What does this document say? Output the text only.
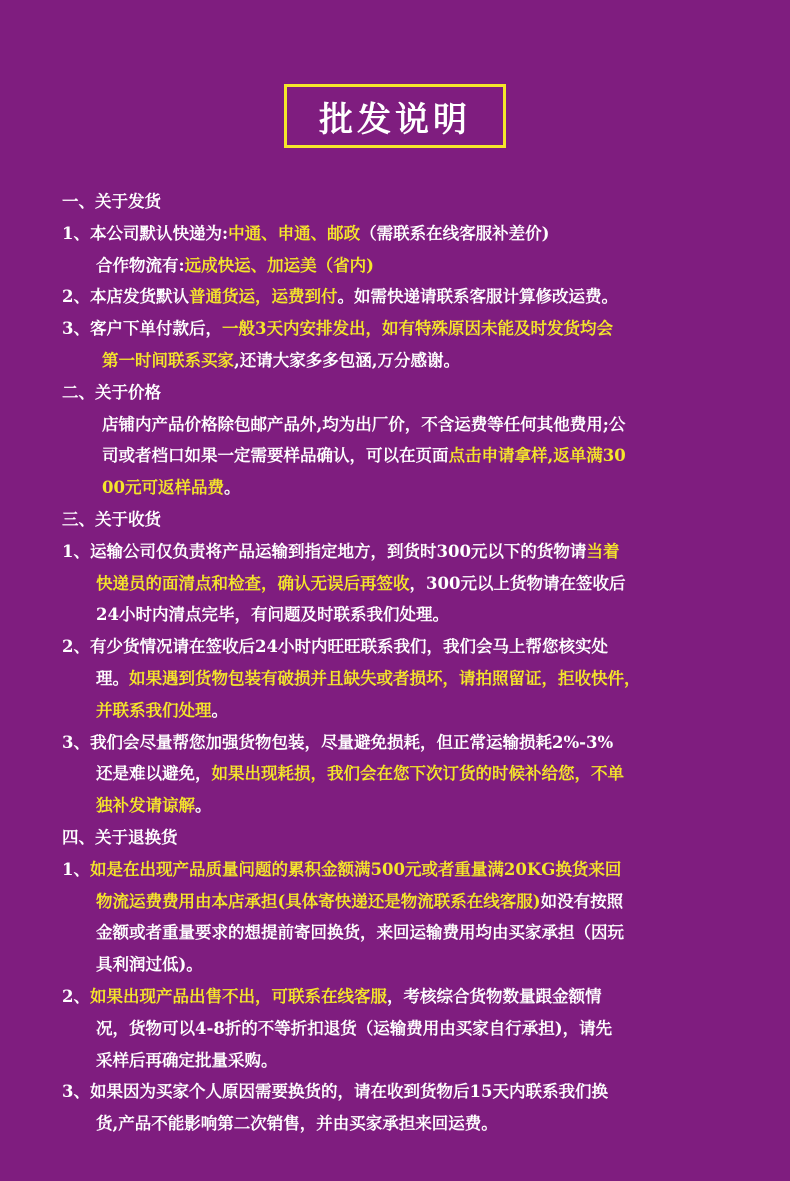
批发说明
一、关于发货
1、本公司默认快递为:中通、申通、邮政（需联系在线客服补差价)
合作物流有:远成快运、加运美（省内)
2、本店发货默认普通货运，运费到付。如需快递请联系客服计算修改运费。
3、客户下单付款后，一般3天内安排发出，如有特殊原因未能及时发货均会
第一时间联系买家,还请大家多多包涵,万分感谢。
二、关于价格
店铺内产品价格除包邮产品外,均为出厂价，不含运费等任何其他费用;公
司或者档口如果一定需要样品确认，可以在页面点击申请拿样,返单满30
00元可返样品费。
三、关于收货
1、运输公司仅负责将产品运输到指定地方，到货时300元以下的货物请当着
快递员的面清点和检查，确认无误后再签收，300元以上货物请在签收后
24小时内清点完毕，有问题及时联系我们处理。
2、有少货情况请在签收后24小时内旺旺联系我们，我们会马上帮您核实处
理。如果遇到货物包装有破损并且缺失或者损坏，请拍照留证，拒收快件，
并联系我们处理。
3、我们会尽量帮您加强货物包装，尽量避免损耗，但正常运输损耗2%-3%
还是难以避免，如果出现耗损，我们会在您下次订货的时候补给您，不单
独补发请谅解。
四、关于退换货
1、如是在出现产品质量问题的累积金额满500元或者重量满20KG换货来回
物流运费费用由本店承担(具体寄快递还是物流联系在线客服)如没有按照
金额或者重量要求的想提前寄回换货，来回运输费用均由买家承担（因玩
具利润过低)。
2、如果出现产品出售不出，可联系在线客服，考核综合货物数量跟金额情
况，货物可以4-8折的不等折扣退货（运输费用由买家自行承担)，请先
采样后再确定批量采购。
3、如果因为买家个人原因需要换货的，请在收到货物后15天内联系我们换
货,产品不能影响第二次销售，并由买家承担来回运费。
